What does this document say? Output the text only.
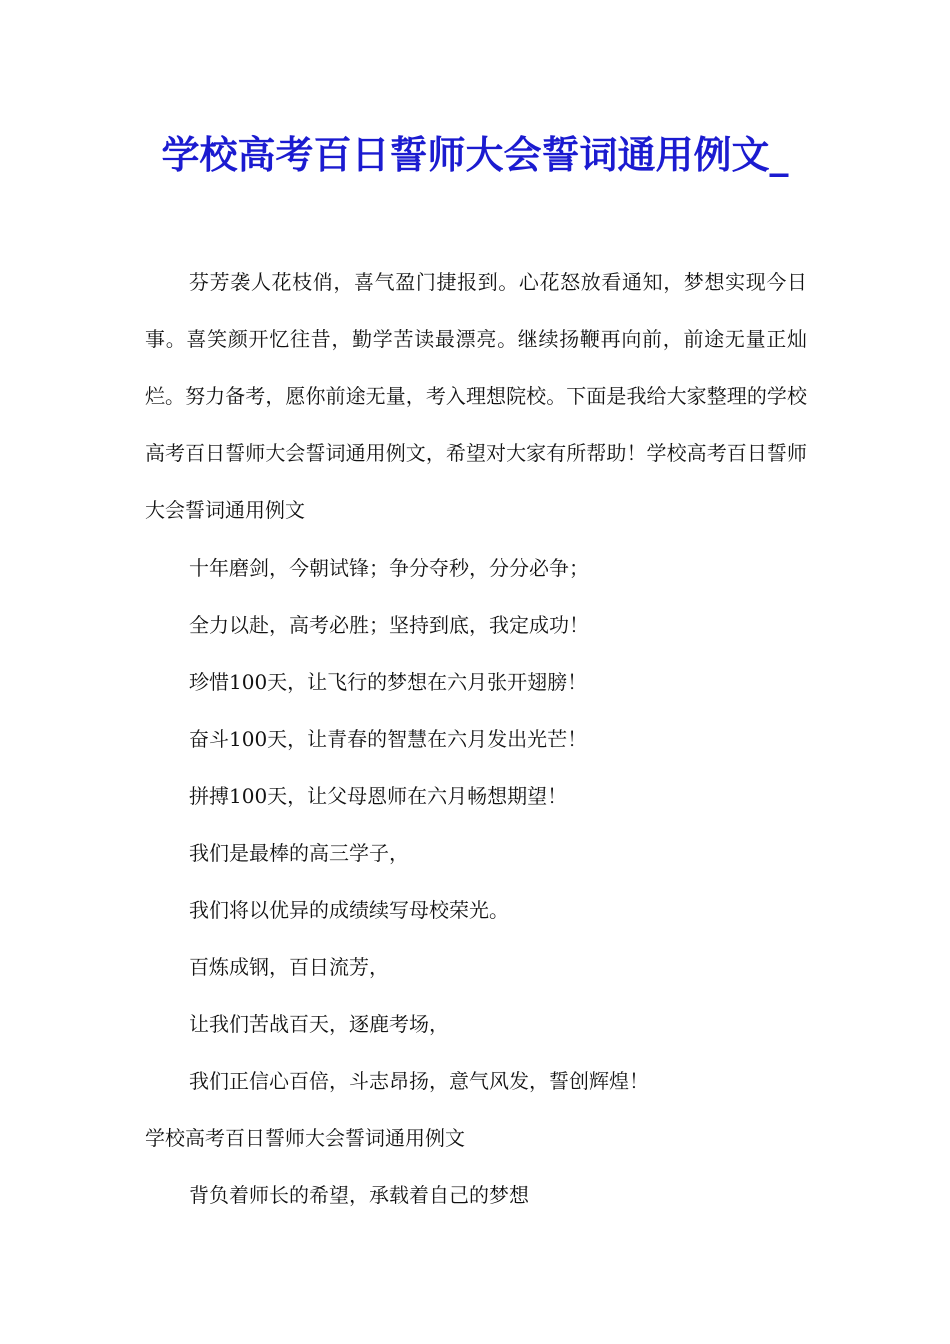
学校高考百日誓师大会誓词通用例文_

芬芳袭人花枝俏，喜气盈门捷报到。心花怒放看通知，梦想实现今日事。喜笑颜开忆往昔，勤学苦读最漂亮。继续扬鞭再向前，前途无量正灿烂。努力备考，愿你前途无量，考入理想院校。下面是我给大家整理的学校高考百日誓师大会誓词通用例文，希望对大家有所帮助！学校高考百日誓师大会誓词通用例文

十年磨剑，今朝试锋；争分夺秒，分分必争；

全力以赴，高考必胜；坚持到底，我定成功！

珍惜100天，让飞行的梦想在六月张开翅膀！

奋斗100天，让青春的智慧在六月发出光芒！

拼搏100天，让父母恩师在六月畅想期望！

我们是最棒的高三学子，

我们将以优异的成绩续写母校荣光。

百炼成钢，百日流芳，

让我们苦战百天，逐鹿考场，

我们正信心百倍，斗志昂扬，意气风发，誓创辉煌！

学校高考百日誓师大会誓词通用例文

背负着师长的希望，承载着自己的梦想
